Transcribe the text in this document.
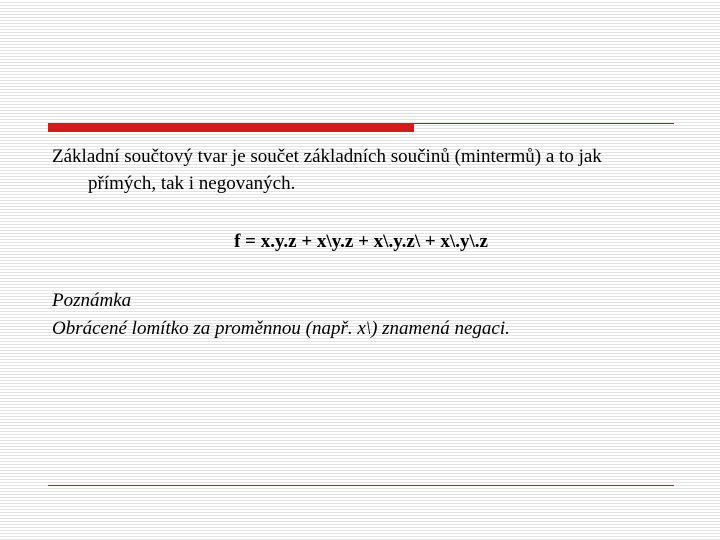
Základní součtový tvar je součet základních součinů (mintermů) a to jak
přímých, tak i negovaných.
f = x.y.z + x\y.z + x\.y.z\ + x\.y\.z
Poznámka
Obrácené lomítko za proměnnou (např. x\) znamená negaci.
